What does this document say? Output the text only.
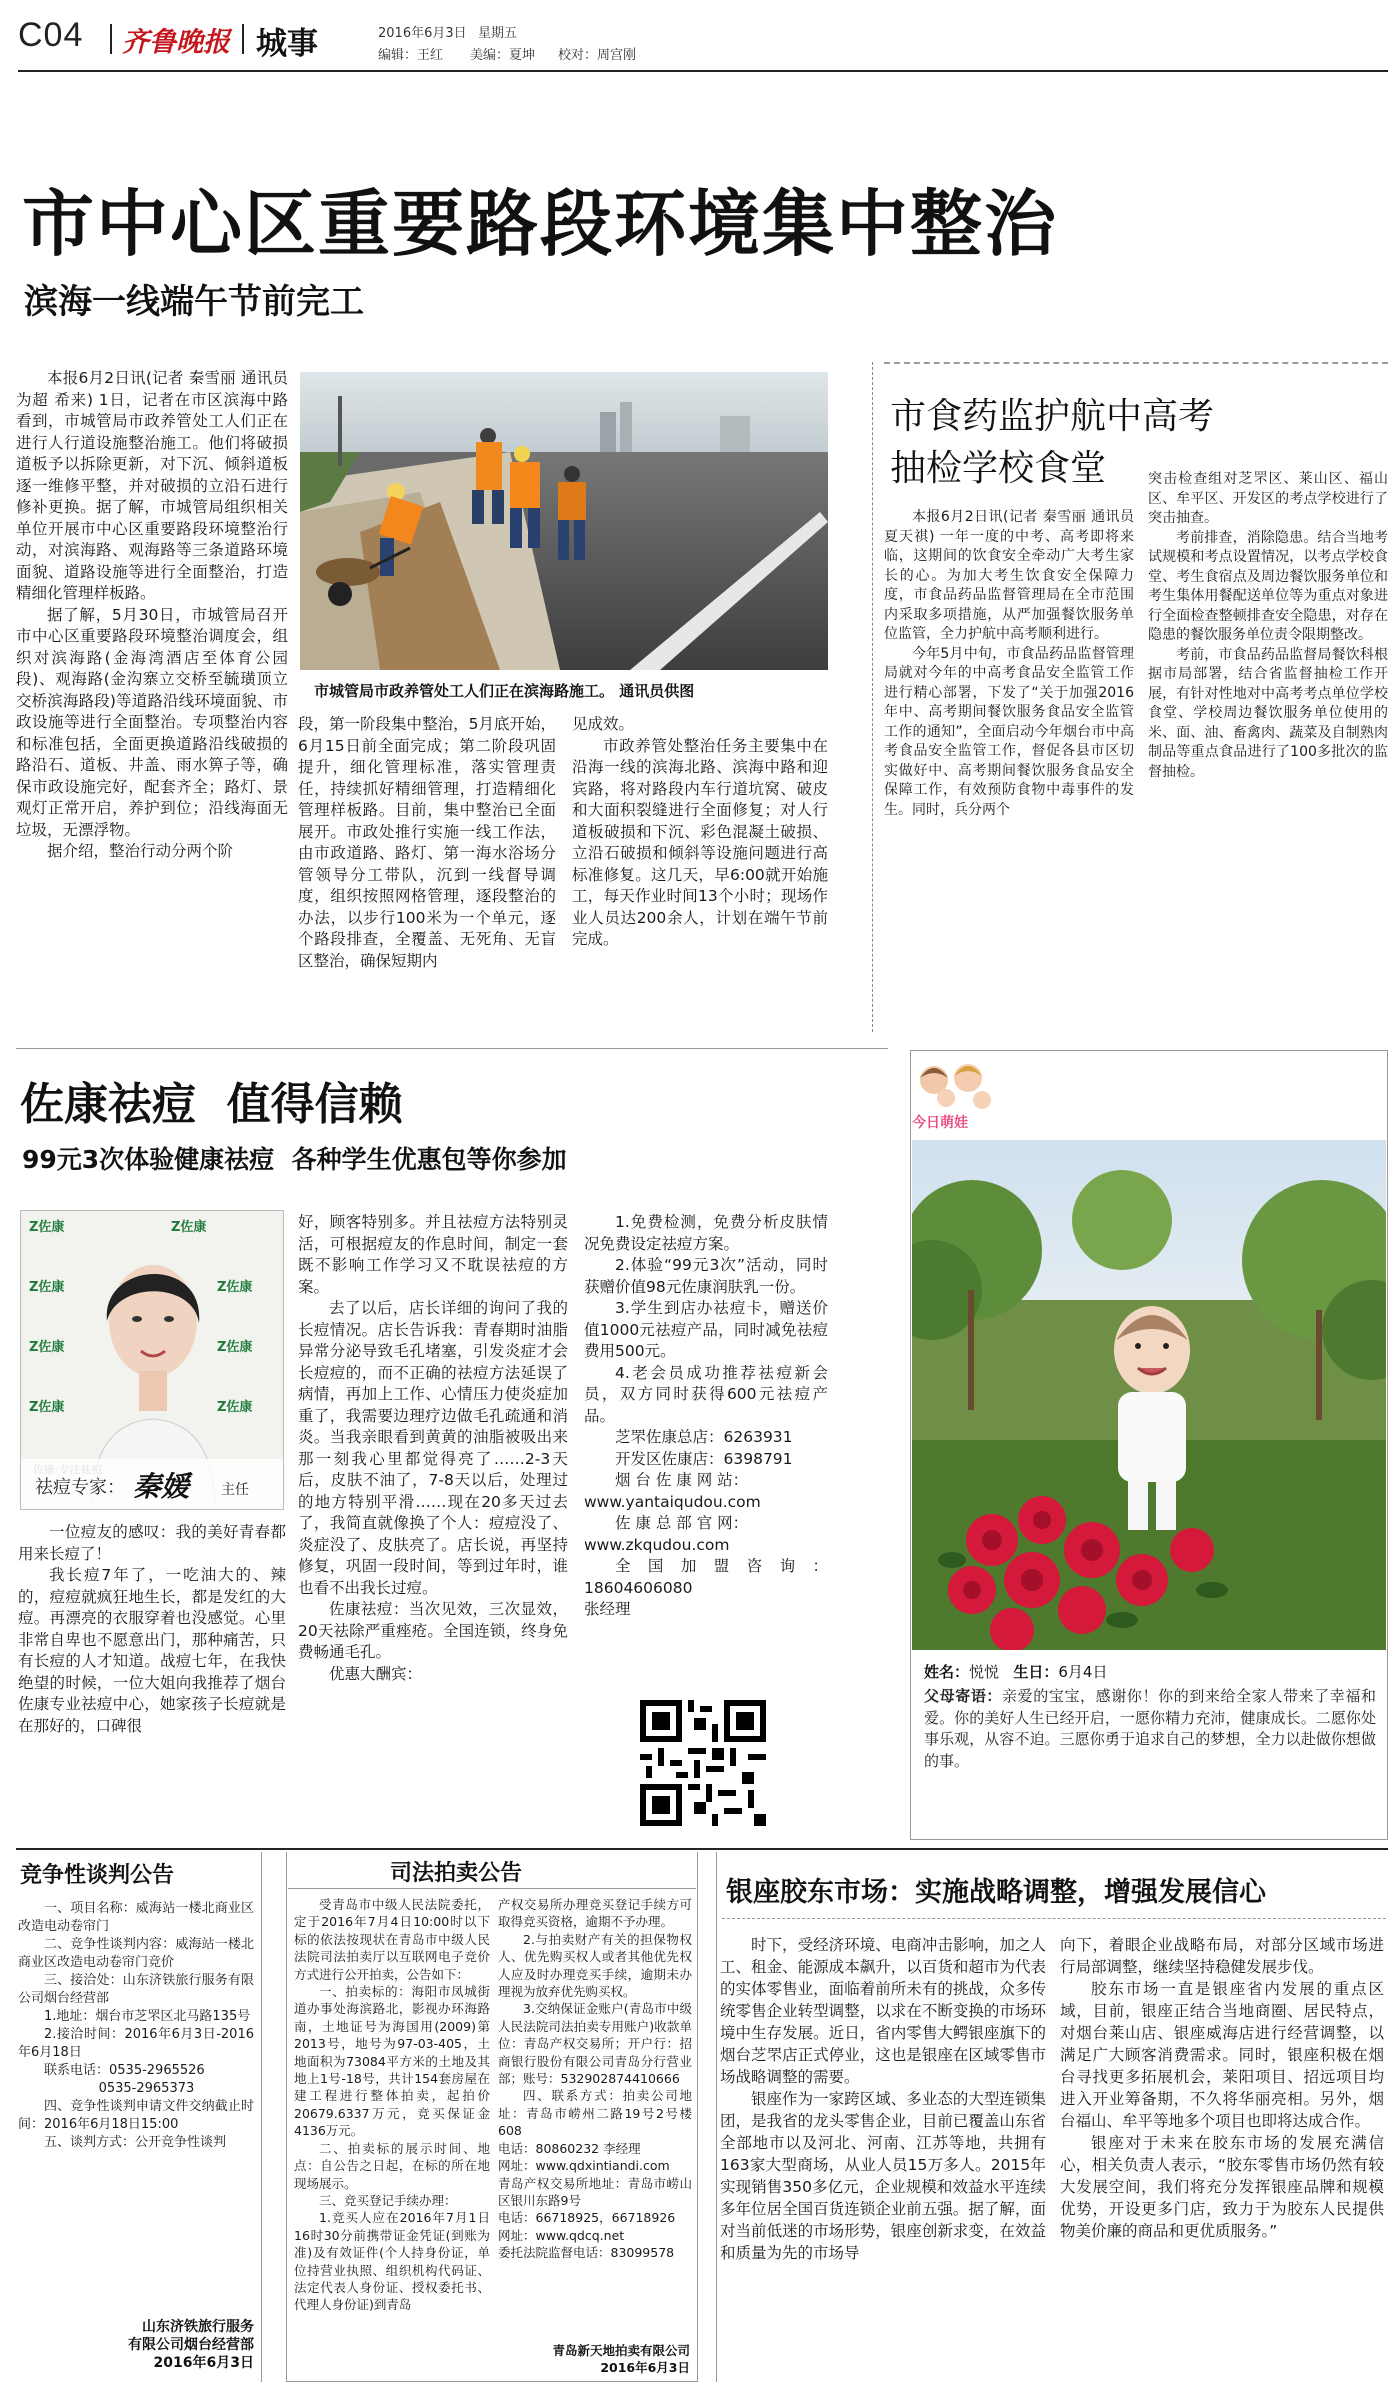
C04 齐鲁晚报 城事	2016年6月3日 星期五
编辑：王红 美编：夏坤 校对：周宫刚
市中心区重要路段环境集中整治
滨海一线端午节前完工

本报6月2日讯(记者 秦雪丽 通讯员 为超 希来) 1日，记者在市区滨海中路看到，市城管局市政养管处工人们正在进行人行道设施整治施工。他们将破损道板予以拆除更新，对下沉、倾斜道板逐一维修平整，并对破损的立沿石进行修补更换。据了解，市城管局组织相关单位开展市中心区重要路段环境整治行动，对滨海路、观海路等三条道路环境面貌、道路设施等进行全面整治，打造精细化管理样板路。

据了解，5月30日，市城管局召开市中心区重要路段环境整治调度会，组织对滨海路(金海湾酒店至体育公园段)、观海路(金沟寨立交桥至毓璜顶立交桥滨海路段)等道路沿线环境面貌、市政设施等进行全面整治。专项整治内容和标准包括，全面更换道路沿线破损的路沿石、道板、井盖、雨水箅子等，确保市政设施完好，配套齐全；路灯、景观灯正常开启，养护到位；沿线海面无垃圾，无漂浮物。

据介绍，整治行动分两个阶

市城管局市政养管处工人们正在滨海路施工。 通讯员供图

段，第一阶段集中整治，5月底开始，6月15日前全面完成；第二阶段巩固提升，细化管理标准，落实管理责任，持续抓好精细管理，打造精细化管理样板路。目前，集中整治已全面展开。市政处推行实施一线工作法，由市政道路、路灯、第一海水浴场分管领导分工带队，沉到一线督导调度，组织按照网格管理，逐段整治的办法，以步行100米为一个单元，逐个路段排查，全覆盖、无死角、无盲区整治，确保短期内

见成效。

市政养管处整治任务主要集中在沿海一线的滨海北路、滨海中路和迎宾路，将对路段内车行道坑窝、破皮和大面积裂缝进行全面修复；对人行道板破损和下沉、彩色混凝土破损、立沿石破损和倾斜等设施问题进行高标准修复。这几天，早6:00就开始施工，每天作业时间13个小时；现场作业人员达200余人，计划在端午节前完成。

市食药监护航中高考
抽检学校食堂

本报6月2日讯(记者 秦雪丽 通讯员 夏天祺) 一年一度的中考、高考即将来临，这期间的饮食安全牵动广大考生家长的心。为加大考生饮食安全保障力度，市食品药品监督管理局在全市范围内采取多项措施，从严加强餐饮服务单位监管，全力护航中高考顺利进行。

今年5月中旬，市食品药品监督管理局就对今年的中高考食品安全监管工作进行精心部署，下发了“关于加强2016年中、高考期间餐饮服务食品安全监管工作的通知”，全面启动今年烟台市中高考食品安全监管工作，督促各县市区切实做好中、高考期间餐饮服务食品安全保障工作，有效预防食物中毒事件的发生。同时，兵分两个

突击检查组对芝罘区、莱山区、福山区、牟平区、开发区的考点学校进行了突击抽查。

考前排查，消除隐患。结合当地考试规模和考点设置情况，以考点学校食堂、考生食宿点及周边餐饮服务单位和考生集体用餐配送单位等为重点对象进行全面检查整顿排查安全隐患，对存在隐患的餐饮服务单位责令限期整改。

考前，市食品药品监督局餐饮科根据市局部署，结合省监督抽检工作开展，有针对性地对中高考考点单位学校食堂、学校周边餐饮服务单位使用的米、面、油、畜禽肉、蔬菜及自制熟肉制品等重点食品进行了100多批次的监督抽检。

佐康祛痘  值得信赖
99元3次体验健康祛痘  各种学生优惠包等你参加
Z佐康	Z佐康
Z佐康	Z佐康
Z佐康	Z佐康
Z佐康	Z佐康
祛痘专家： 秦媛 主任

一位痘友的感叹：我的美好青春都用来长痘了！

我长痘7年了，一吃油大的、辣的，痘痘就疯狂地生长，都是发红的大痘。再漂亮的衣服穿着也没感觉。心里非常自卑也不愿意出门，那种痛苦，只有长痘的人才知道。战痘七年，在我快绝望的时候，一位大姐向我推荐了烟台佐康专业祛痘中心，她家孩子长痘就是在那好的，口碑很

好，顾客特别多。并且祛痘方法特别灵活，可根据痘友的作息时间，制定一套既不影响工作学习又不耽误祛痘的方案。

去了以后，店长详细的询问了我的长痘情况。店长告诉我：青春期时油脂异常分泌导致毛孔堵塞，引发炎症才会长痘痘的，而不正确的祛痘方法延误了病情，再加上工作、心情压力使炎症加重了，我需要边理疗边做毛孔疏通和消炎。当我亲眼看到黄黄的油脂被吸出来那一刻我心里都觉得亮了……2-3天后，皮肤不油了，7-8天以后，处理过的地方特别平滑……现在20多天过去了，我简直就像换了个人：痘痘没了、炎症没了、皮肤亮了。店长说，再坚持修复，巩固一段时间，等到过年时，谁也看不出我长过痘。

佐康祛痘：当次见效，三次显效，20天祛除严重痤疮。全国连锁，终身免费畅通毛孔。

优惠大酬宾：

1.免费检测，免费分析皮肤情况免费设定祛痘方案。

2.体验“99元3次”活动，同时获赠价值98元佐康润肤乳一份。

3.学生到店办祛痘卡，赠送价值1000元祛痘产品，同时减免祛痘费用500元。

4.老会员成功推荐祛痘新会员，双方同时获得600元祛痘产品。

芝罘佐康总店：6263931

开发区佐康店：6398791

烟 台 佐 康 网 站：

www.yantaiqudou.com

佐 康 总 部 官 网：

www.zkqudou.com

全国加盟咨询：18604606080

张经理

今日萌娃
姓名：悦悦 生日：6月4日
父母寄语：亲爱的宝宝，感谢你！你的到来给全家人带来了幸福和爱。你的美好人生已经开启，一愿你精力充沛，健康成长。二愿你处事乐观，从容不迫。三愿你勇于追求自己的梦想，全力以赴做你想做的事。
竞争性谈判公告

一、项目名称：威海站一楼北商业区改造电动卷帘门

二、竞争性谈判内容：威海站一楼北商业区改造电动卷帘门竞价

三、接洽处：山东济铁旅行服务有限公司烟台经营部

1.地址：烟台市芝罘区北马路135号

2.接洽时间：2016年6月3日-2016年6月18日

联系电话：0535-2965526

0535-2965373

四、竞争性谈判申请文件交纳截止时间：2016年6月18日15:00

五、谈判方式：公开竞争性谈判

山东济铁旅行服务
有限公司烟台经营部
2016年6月3日
司法拍卖公告

受青岛市中级人民法院委托，定于2016年7月4日10:00时以下标的依法按现状在青岛市中级人民法院司法拍卖厅以互联网电子竞价方式进行公开拍卖，公告如下：

一、拍卖标的：海阳市凤城街道办事处海滨路北，影视办环海路南，土地证号为海国用(2009)第2013号，地号为97-03-405，土地面积为73084平方米的土地及其地上1号-18号，共计154套房屋在建工程进行整体拍卖，起拍价20679.6337万元，竞买保证金4136万元。

二、拍卖标的展示时间、地点：自公告之日起，在标的所在地现场展示。

三、竞买登记手续办理：

1.竞买人应在2016年7月1日16时30分前携带证金凭证(到账为准)及有效证件(个人持身份证，单位持营业执照、组织机构代码证、法定代表人身份证、授权委托书、代理人身份证)到青岛

产权交易所办理竞买登记手续方可取得竞买资格，逾期不予办理。

2.与拍卖财产有关的担保物权人、优先购买权人或者其他优先权人应及时办理竞买手续，逾期未办理视为放弃优先购买权。

3.交纳保证金账户(青岛市中级人民法院司法拍卖专用账户)收款单位：青岛产权交易所；开户行：招商银行股份有限公司青岛分行营业部；账号：532902874410666

四、联系方式：拍卖公司地址：青岛市崂州二路19号2号楼608

电话：80860232 李经理

网址：www.qdxintiandi.com

青岛产权交易所地址：青岛市崂山区银川东路9号

电话：66718925，66718926

网址：www.qdcq.net

委托法院监督电话：83099578

青岛新天地拍卖有限公司
2016年6月3日
银座胶东市场：实施战略调整，增强发展信心

时下，受经济环境、电商冲击影响，加之人工、租金、能源成本飙升，以百货和超市为代表的实体零售业，面临着前所未有的挑战，众多传统零售企业转型调整，以求在不断变换的市场环境中生存发展。近日，省内零售大鳄银座旗下的烟台芝罘店正式停业，这也是银座在区域零售市场战略调整的需要。

银座作为一家跨区域、多业态的大型连锁集团，是我省的龙头零售企业，目前已覆盖山东省全部地市以及河北、河南、江苏等地，共拥有163家大型商场，从业人员15万多人。2015年实现销售350多亿元，企业规模和效益水平连续多年位居全国百货连锁企业前五强。据了解，面对当前低迷的市场形势，银座创新求变，在效益和质量为先的市场导

向下，着眼企业战略布局，对部分区域市场进行局部调整，继续坚持稳健发展步伐。

胶东市场一直是银座省内发展的重点区域，目前，银座正结合当地商圈、居民特点，对烟台莱山店、银座威海店进行经营调整，以满足广大顾客消费需求。同时，银座积极在烟台寻找更多拓展机会，莱阳项目、招远项目均进入开业筹备期，不久将华丽亮相。另外，烟台福山、牟平等地多个项目也即将达成合作。

银座对于未来在胶东市场的发展充满信心，相关负责人表示，“胶东零售市场仍然有较大发展空间，我们将充分发挥银座品牌和规模优势，开设更多门店，致力于为胶东人民提供物美价廉的商品和更优质服务。”
